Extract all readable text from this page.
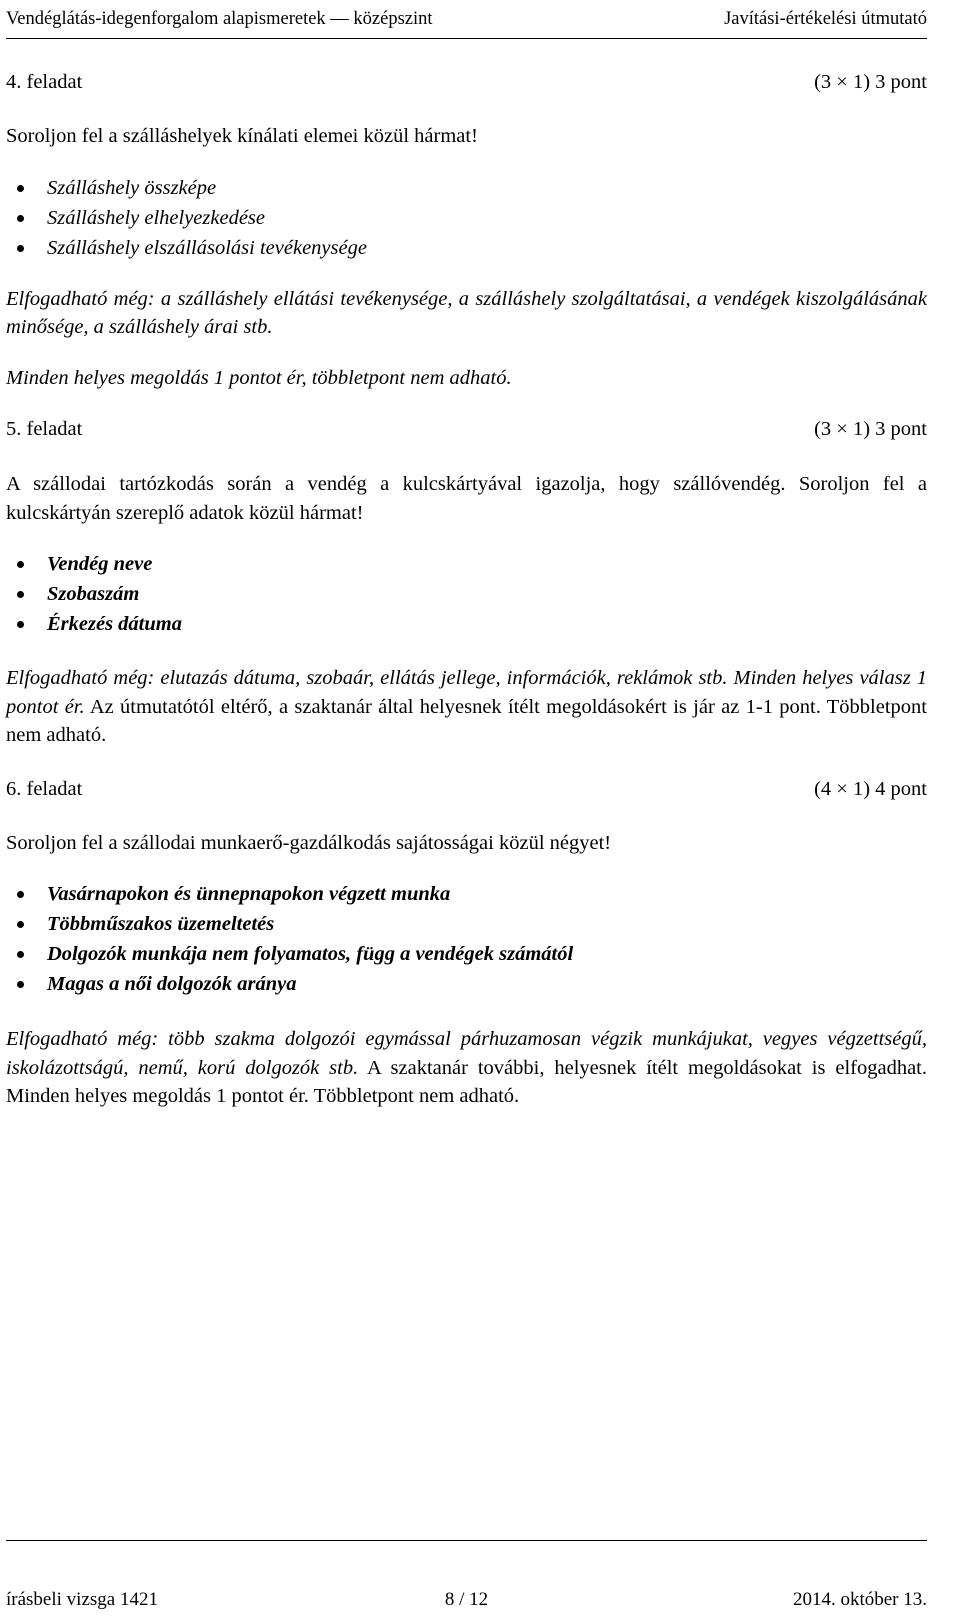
Vendéglátás-idegenforgalom alapismeretek — középszint	Javítási-értékelési útmutató
4. feladat	(3 × 1) 3 pont

Soroljon fel a szálláshelyek kínálati elemei közül hármat!

Szálláshely összképe
Szálláshely elhelyezkedése
Szálláshely elszállásolási tevékenysége

Elfogadható még: a szálláshely ellátási tevékenysége, a szálláshely szolgáltatásai, a vendégek kiszolgálásának minősége, a szálláshely árai stb.

Minden helyes megoldás 1 pontot ér, többletpont nem adható.

5. feladat	(3 × 1) 3 pont

A szállodai tartózkodás során a vendég a kulcskártyával igazolja, hogy szállóvendég. Soroljon fel a kulcskártyán szereplő adatok közül hármat!

Vendég neve
Szobaszám
Érkezés dátuma

Elfogadható még: elutazás dátuma, szobaár, ellátás jellege, információk, reklámok stb. Minden helyes válasz 1 pontot ér. Az útmutatótól eltérő, a szaktanár által helyesnek ítélt megoldásokért is jár az 1-1 pont. Többletpont nem adható.

6. feladat	(4 × 1) 4 pont

Soroljon fel a szállodai munkaerő-gazdálkodás sajátosságai közül négyet!

Vasárnapokon és ünnepnapokon végzett munka
Többműszakos üzemeltetés
Dolgozók munkája nem folyamatos, függ a vendégek számától
Magas a női dolgozók aránya

Elfogadható még: több szakma dolgozói egymással párhuzamosan végzik munkájukat, vegyes végzettségű, iskolázottságú, nemű, korú dolgozók stb. A szaktanár további, helyesnek ítélt megoldásokat is elfogadhat. Minden helyes megoldás 1 pontot ér. Többletpont nem adható.

írásbeli vizsga 1421	8 / 12	2014. október 13.
